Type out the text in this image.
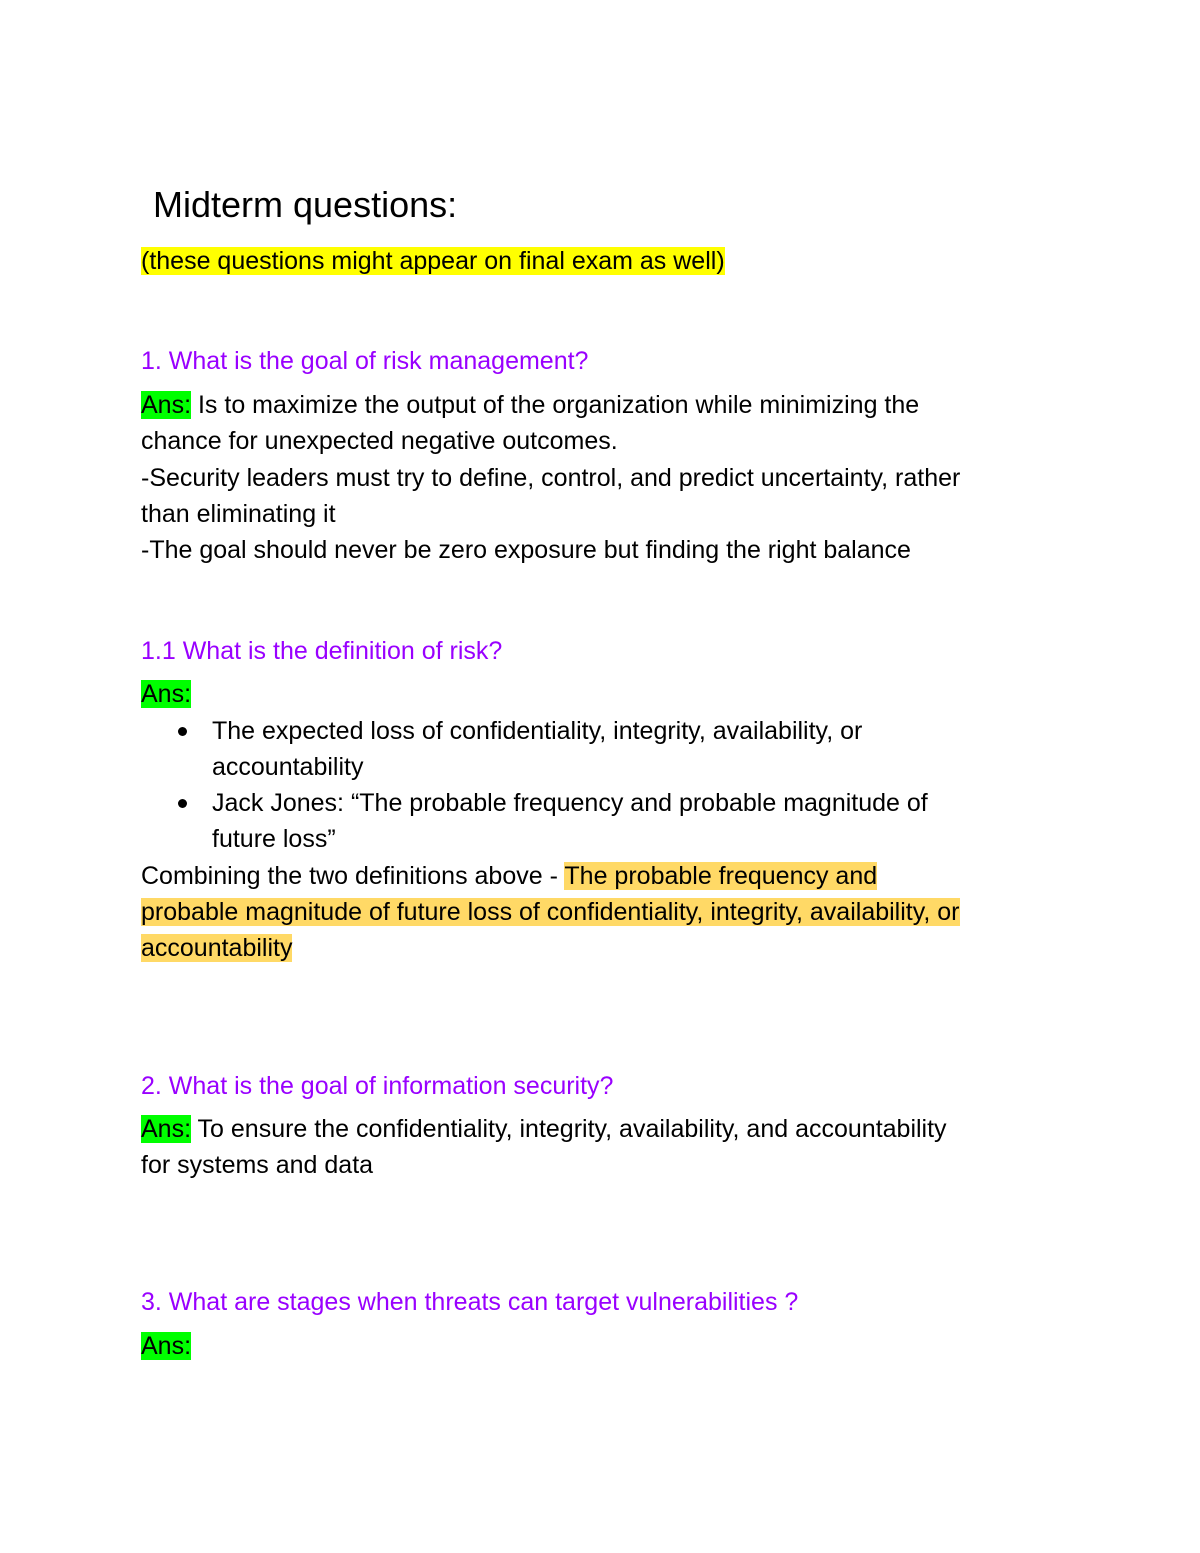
Midterm questions:
(these questions might appear on final exam as well)
1. What is the goal of risk management?
Ans: Is to maximize the output of the organization while minimizing the
chance for unexpected negative outcomes.
-Security leaders must try to define, control, and predict uncertainty, rather
than eliminating it
-The goal should never be zero exposure but finding the right balance
1.1 What is the definition of risk?
Ans:
The expected loss of confidentiality, integrity, availability, or
accountability
Jack Jones: “The probable frequency and probable magnitude of
future loss”
Combining the two definitions above - The probable frequency and
probable magnitude of future loss of confidentiality, integrity, availability, or
accountability
2. What is the goal of information security?
Ans: To ensure the confidentiality, integrity, availability, and accountability
for systems and data
3. What are stages when threats can target vulnerabilities ?
Ans:
